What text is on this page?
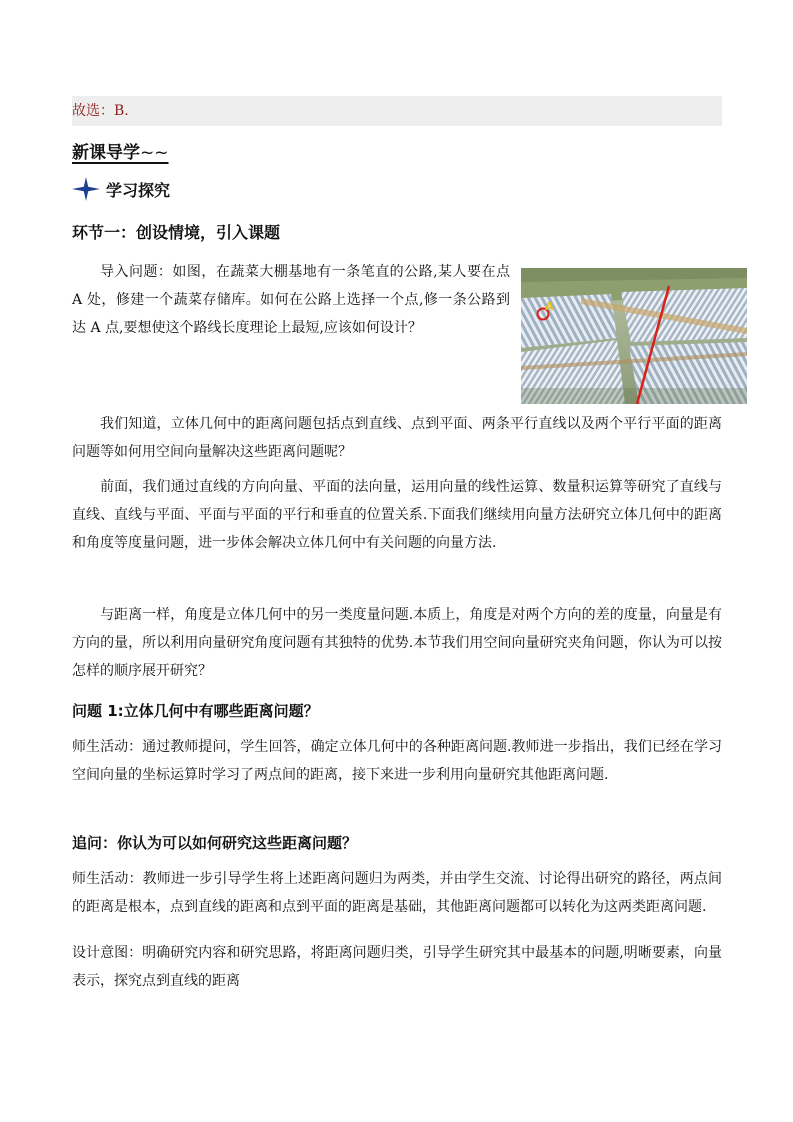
故选：B.
新课导学~~
学习探究
环节一：创设情境，引入课题
导入问题：如图，在蔬菜大棚基地有一条笔直的公路,某人要在点 A 处，修建一个蔬菜存储库。如何在公路上选择一个点,修一条公路到达 A 点,要想使这个路线长度理论上最短,应该如何设计？
A
我们知道，立体几何中的距离问题包括点到直线、点到平面、两条平行直线以及两个平行平面的距离问题等如何用空间向量解决这些距离问题呢？
前面，我们通过直线的方向向量、平面的法向量，运用向量的线性运算、数量积运算等研究了直线与直线、直线与平面、平面与平面的平行和垂直的位置关系.下面我们继续用向量方法研究立体几何中的距离和角度等度量问题，进一步体会解决立体几何中有关问题的向量方法.
与距离一样，角度是立体几何中的另一类度量问题.本质上，角度是对两个方向的差的度量，向量是有方向的量，所以利用向量研究角度问题有其独特的优势.本节我们用空间向量研究夹角问题，你认为可以按怎样的顺序展开研究？
问题 1:立体几何中有哪些距离问题？
师生活动：通过教师提问，学生回答，确定立体几何中的各种距离问题.教师进一步指出，我们已经在学习空间向量的坐标运算时学习了两点间的距离，接下来进一步利用向量研究其他距离问题.
追问：你认为可以如何研究这些距离问题？
师生活动：教师进一步引导学生将上述距离问题归为两类，并由学生交流、讨论得出研究的路径，两点间的距离是根本，点到直线的距离和点到平面的距离是基础，其他距离问题都可以转化为这两类距离问题.
设计意图：明确研究内容和研究思路，将距离问题归类，引导学生研究其中最基本的问题,明晰要素，向量表示，探究点到直线的距离
